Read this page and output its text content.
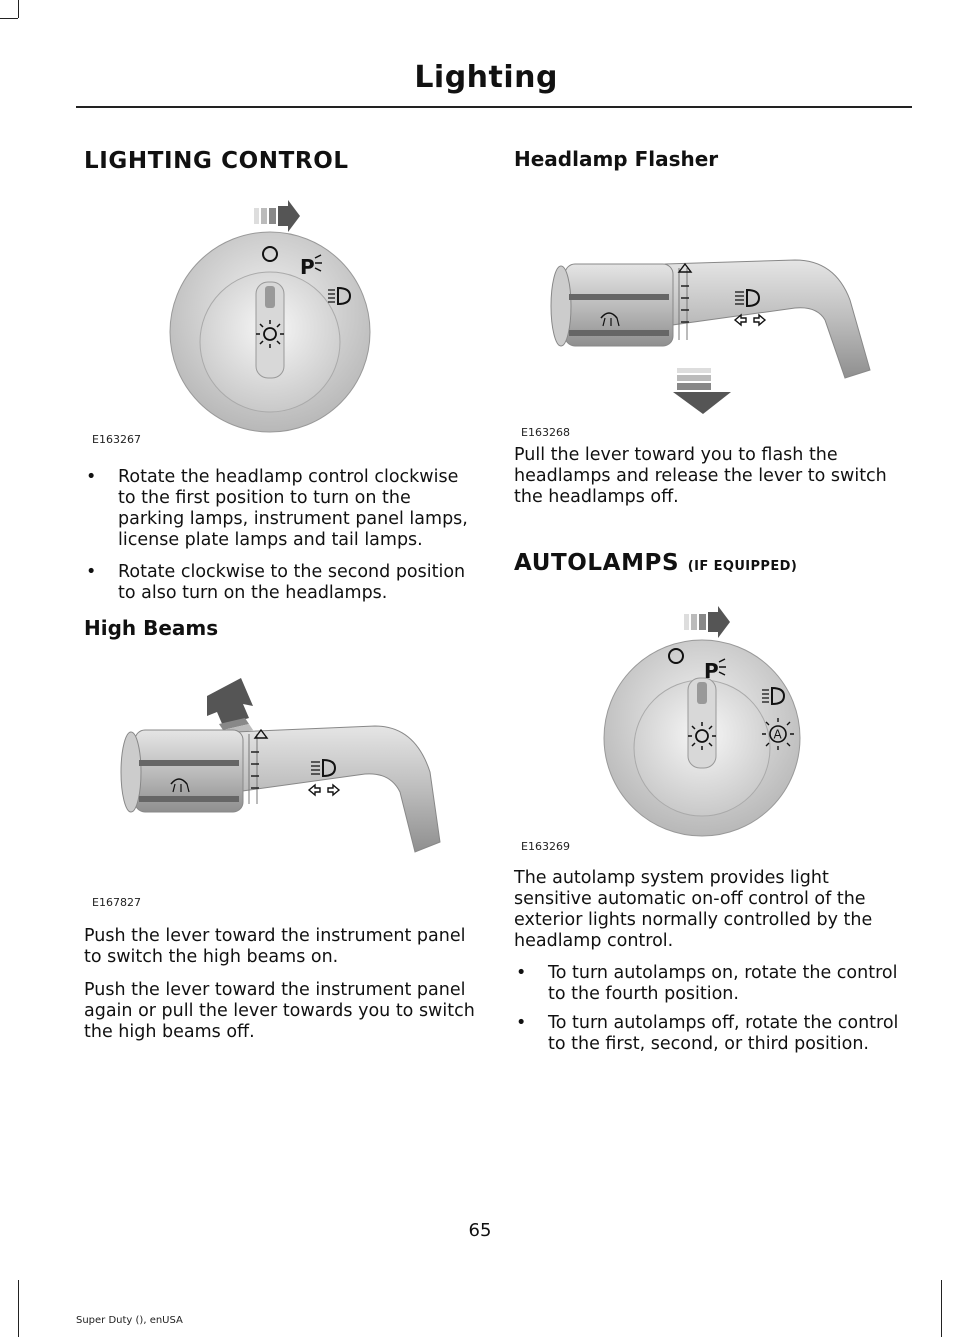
Lighting
LIGHTING CONTROL
P
E163267

• Rotate the headlamp control clockwise to the first position to turn on the parking lamps, instrument panel lamps, license plate lamps and tail lamps.

• Rotate clockwise to the second position to also turn on the headlamps.

High Beams
E167827

Push the lever toward the instrument panel to switch the high beams on.

Push the lever toward the instrument panel again or pull the lever towards you to switch the high beams off.

Headlamp Flasher
E163268

Pull the lever toward you to flash the headlamps and release the lever to switch the headlamps off.

AUTOLAMPS (IF EQUIPPED)
P
A
E163269

The autolamp system provides light sensitive automatic on-off control of the exterior lights normally controlled by the headlamp control.

• To turn autolamps on, rotate the control to the fourth position.

• To turn autolamps off, rotate the control to the first, second, or third position.

65
Super Duty (), enUSA
